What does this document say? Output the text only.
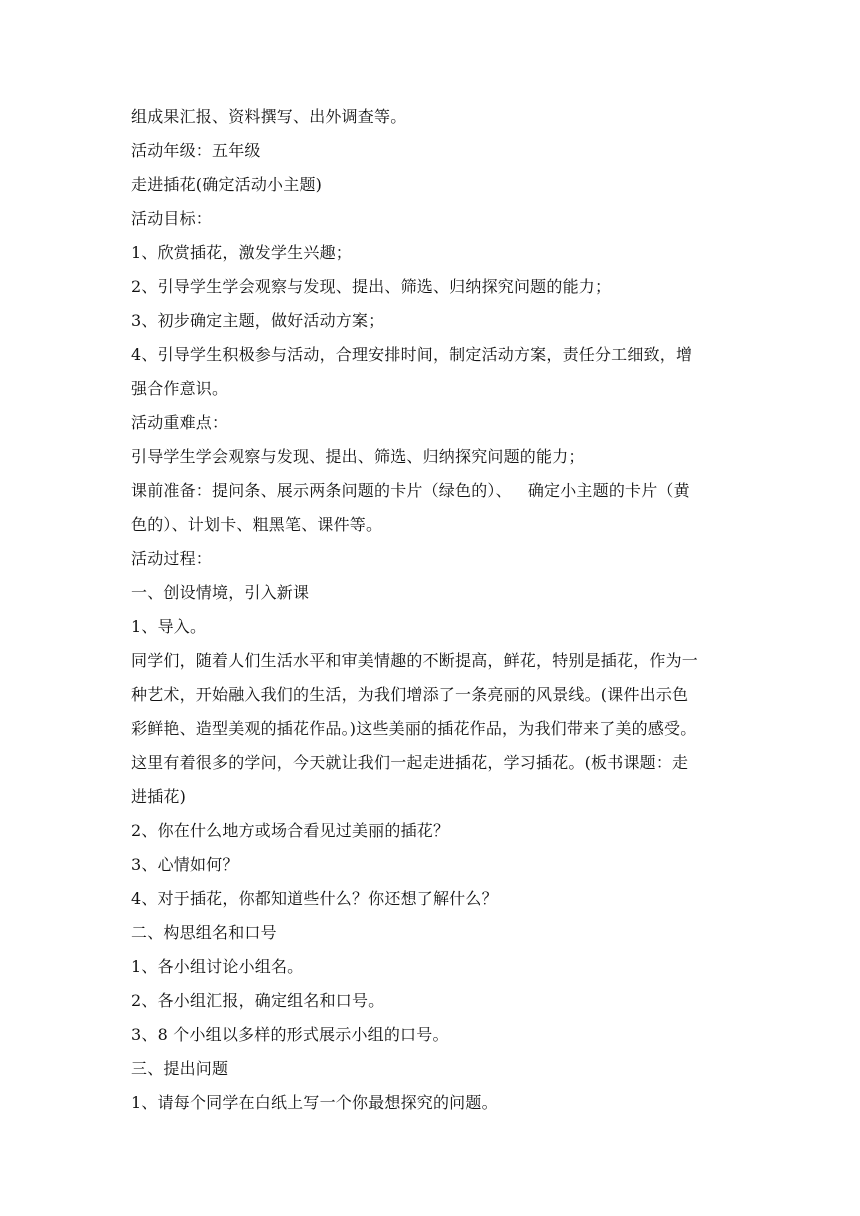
组成果汇报、资料撰写、出外调查等。
活动年级：五年级
走进插花(确定活动小主题)
活动目标：
1、欣赏插花，激发学生兴趣；
2、引导学生学会观察与发现、提出、筛选、归纳探究问题的能力；
3、初步确定主题，做好活动方案；
4、引导学生积极参与活动，合理安排时间，制定活动方案，责任分工细致，增
强合作意识。
活动重难点：
引导学生学会观察与发现、提出、筛选、归纳探究问题的能力；
课前准备：提问条、展示两条问题的卡片（绿色的）、 确定小主题的卡片（黄
色的）、计划卡、粗黑笔、课件等。
活动过程：
一、创设情境，引入新课
1、导入。
同学们，随着人们生活水平和审美情趣的不断提高，鲜花，特别是插花，作为一
种艺术，开始融入我们的生活，为我们增添了一条亮丽的风景线。(课件出示色
彩鲜艳、造型美观的插花作品。)这些美丽的插花作品，为我们带来了美的感受。
这里有着很多的学问，今天就让我们一起走进插花，学习插花。(板书课题：走
进插花)
2、你在什么地方或场合看见过美丽的插花？
3、心情如何？
4、对于插花，你都知道些什么？你还想了解什么？
二、构思组名和口号
1、各小组讨论小组名。
2、各小组汇报，确定组名和口号。
3、8 个小组以多样的形式展示小组的口号。
三、提出问题
1、请每个同学在白纸上写一个你最想探究的问题。
